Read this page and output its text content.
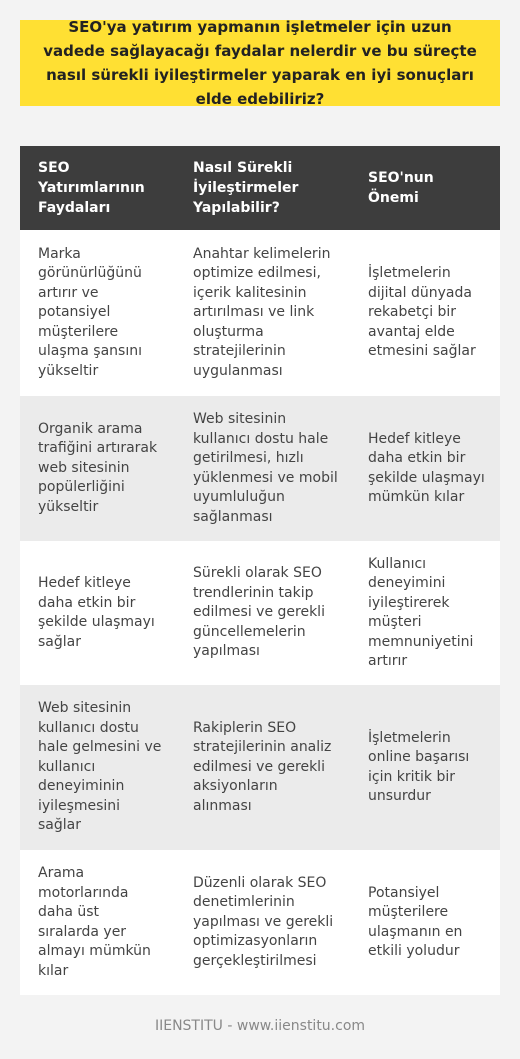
SEO'ya yatırım yapmanın işletmeler için uzun vadede sağlayacağı faydalar nelerdir ve bu süreçte nasıl sürekli iyileştirmeler yaparak en iyi sonuçları elde edebiliriz?
SEO Yatırımlarının Faydaları	Nasıl Sürekli İyileştirmeler Yapılabilir?	SEO'nun Önemi
Marka görünürlüğünü artırır ve potansiyel müşterilere ulaşma şansını yükseltir	Anahtar kelimelerin optimize edilmesi, içerik kalitesinin artırılması ve link oluşturma stratejilerinin uygulanması	İşletmelerin dijital dünyada rekabetçi bir avantaj elde etmesini sağlar
Organik arama trafiğini artırarak web sitesinin popülerliğini yükseltir	Web sitesinin kullanıcı dostu hale getirilmesi, hızlı yüklenmesi ve mobil uyumluluğun sağlanması	Hedef kitleye daha etkin bir şekilde ulaşmayı mümkün kılar
Hedef kitleye daha etkin bir şekilde ulaşmayı sağlar	Sürekli olarak SEO trendlerinin takip edilmesi ve gerekli güncellemelerin yapılması	Kullanıcı deneyimini iyileştirerek müşteri memnuniyetini artırır
Web sitesinin kullanıcı dostu hale gelmesini ve kullanıcı deneyiminin iyileşmesini sağlar	Rakiplerin SEO stratejilerinin analiz edilmesi ve gerekli aksiyonların alınması	İşletmelerin online başarısı için kritik bir unsurdur
Arama motorlarında daha üst sıralarda yer almayı mümkün kılar	Düzenli olarak SEO denetimlerinin yapılması ve gerekli optimizasyonların gerçekleştirilmesi	Potansiyel müşterilere ulaşmanın en etkili yoludur
IIENSTITU - www.iienstitu.com
